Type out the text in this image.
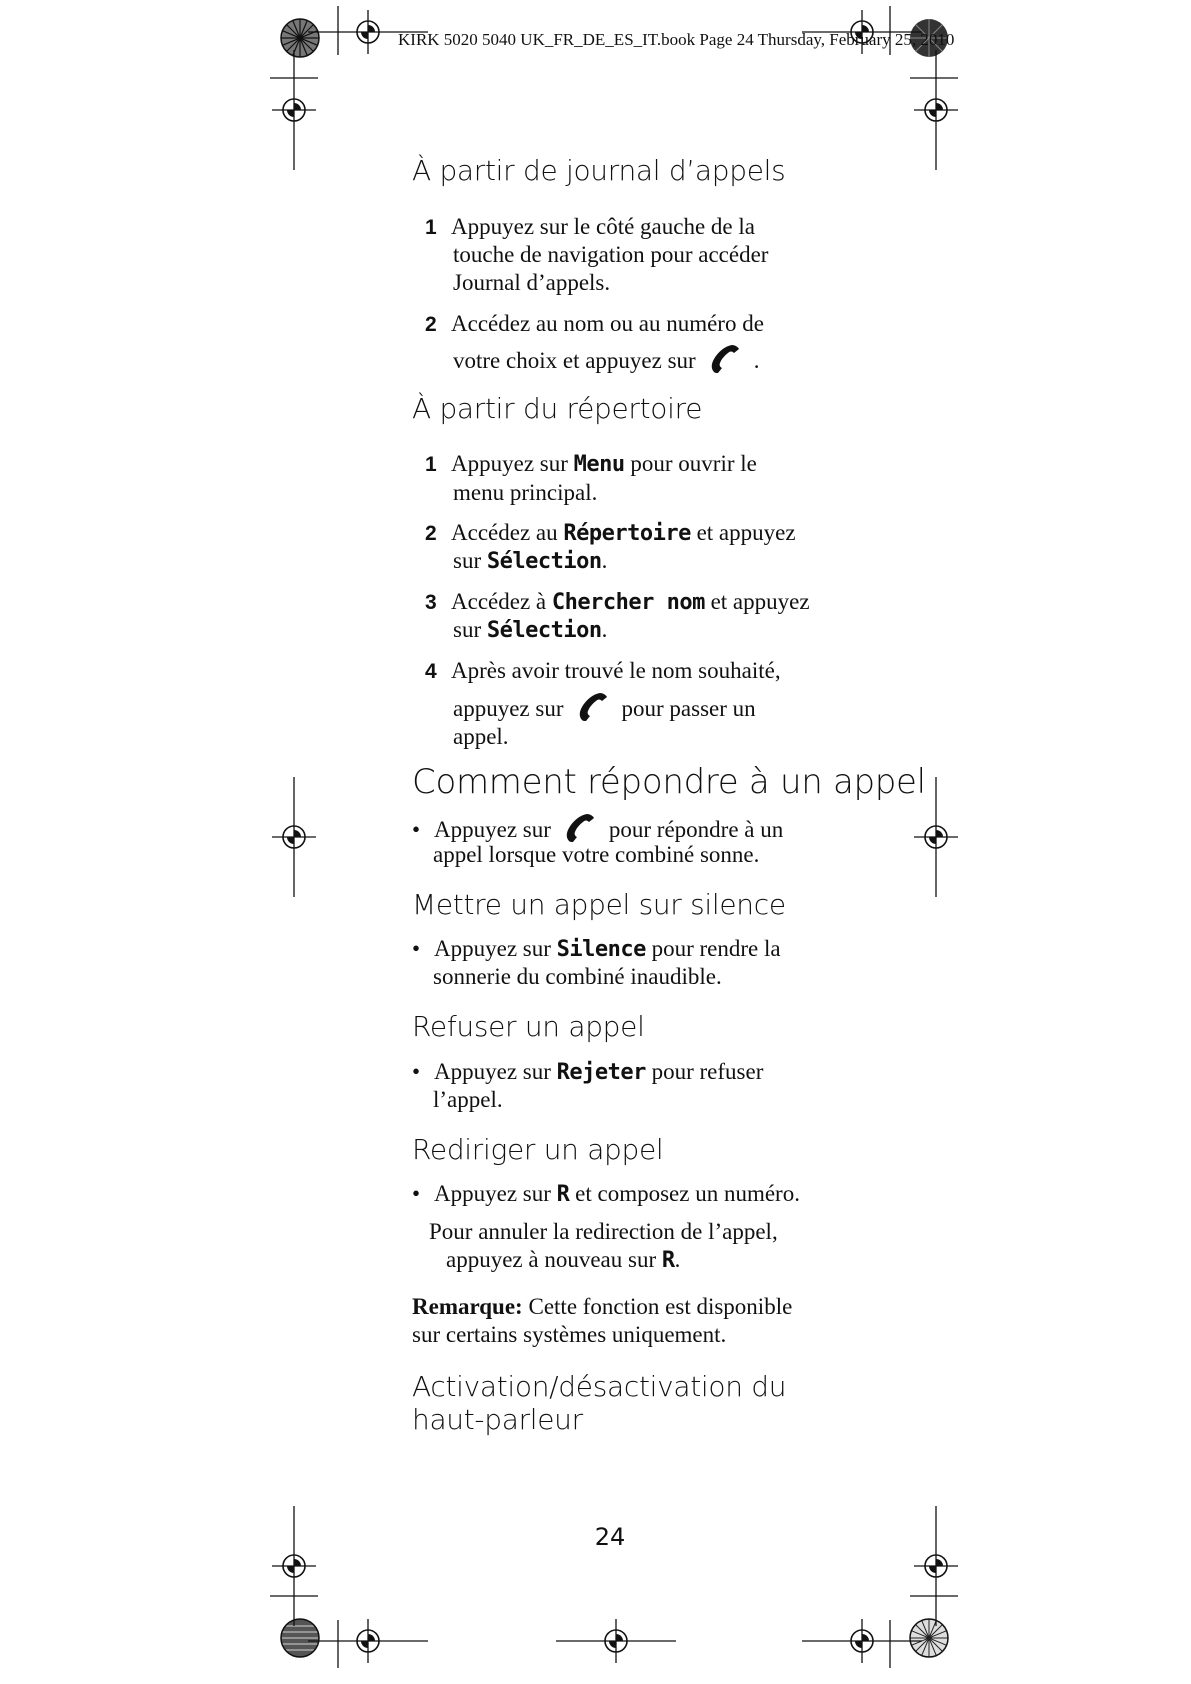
KIRK 5020 5040 UK_FR_DE_ES_IT.book Page 24 Thursday, February 25, 2010
À partir de journal d’appels
1 Appuyez sur le côté gauche de la
touche de navigation pour accéder
Journal d’appels.
2 Accédez au nom ou au numéro de
votre choix et appuyez sur	.
À partir du répertoire
1 Appuyez sur Menu pour ouvrir le
menu principal.
2 Accédez au Répertoire et appuyez
sur Sélection.
3 Accédez à Chercher nom et appuyez
sur Sélection.
4 Après avoir trouvé le nom souhaité,
appuyez sur	pour passer un
appel.
Comment répondre à un appel
• Appuyez sur	pour répondre à un
appel lorsque votre combiné sonne.
Mettre un appel sur silence
• Appuyez sur Silence pour rendre la
sonnerie du combiné inaudible.
Refuser un appel
• Appuyez sur Rejeter pour refuser
l’appel.
Rediriger un appel
• Appuyez sur R et composez un numéro.
Pour annuler la redirection de l’appel,
appuyez à nouveau sur R.
Remarque: Cette fonction est disponible
sur certains systèmes uniquement.
Activation/désactivation du
haut-parleur
24
